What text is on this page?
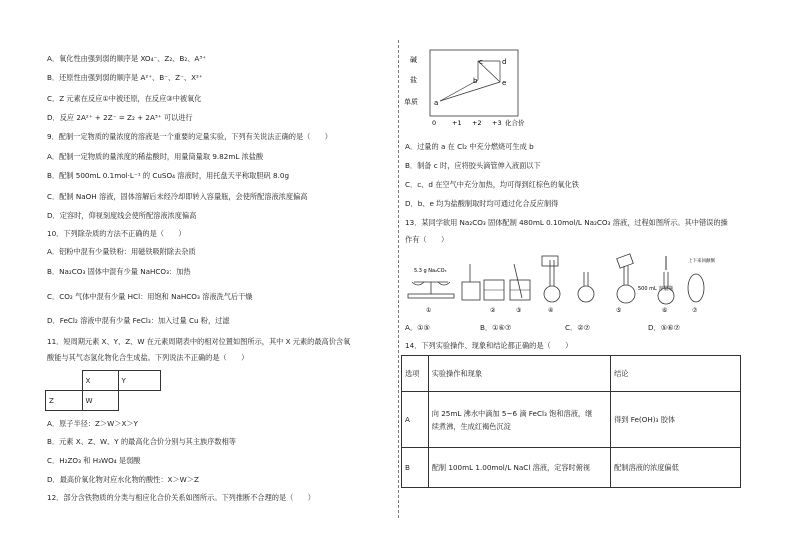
A．氧化性由强到弱的顺序是 XO₄⁻、Z₂、B₂、A³⁺
B．还原性由强到弱的顺序是 A²⁺、B⁻、Z⁻、X²⁺
C．Z 元素在反应①中被还原，在反应③中被氧化
D．反应 2A²⁺ + 2Z⁻ = Z₂ + 2A³⁺ 可以进行
9．配制一定物质的量浓度的溶液是一个重要的定量实验，下列有关说法正确的是（　　）
A．配制一定物质的量浓度的稀盐酸时，用量筒量取 9.82mL 浓盐酸
B．配制 500mL 0.1mol·L⁻¹ 的 CuSO₄ 溶液时，用托盘天平称取胆矾 8.0g
C．配制 NaOH 溶液，固体溶解后未经冷却即转入容量瓶，会使所配溶液浓度偏高
D．定容时，仰视刻度线会使所配溶液浓度偏高
10．下列除杂质的方法不正确的是（　　）
A．铝粉中混有少量铁粉：用磁铁吸附除去杂质
B．Na₂CO₃ 固体中混有少量 NaHCO₃：加热
C．CO₂ 气体中混有少量 HCl：用饱和 NaHCO₃ 溶液洗气后干燥
D．FeCl₂ 溶液中混有少量 FeCl₃：加入过量 Cu 粉，过滤
11．短周期元素 X、Y、Z、W 在元素周期表中的相对位置如图所示，其中 X 元素的最高价含氧
酸能与其气态氢化物化合生成盐。下列说法不正确的是（　　）
	X	Y
Z	W	
A．原子半径：Z＞W＞X＞Y
B．元素 X、Z、W、Y 的最高化合价分别与其主族序数相等
C．H₂ZO₃ 和 H₃WO₄ 是弱酸
D．最高价氧化物对应水化物的酸性：X＞W＞Z
12．部分含铁物质的分类与相应化合价关系如图所示。下列推断不合理的是（　　）
碱
盐
单质 a
b
c	d
e
0 +1 +2 +3 化合价
A．过量的 a 在 Cl₂ 中充分燃烧可生成 b
B．制备 c 时，应将胶头滴管伸入液面以下
C．c、d 在空气中充分加热，均可得到红棕色的氧化铁
D．b、e 均为盐酸制取时均可通过化合反应制得
13．某同学欲用 Na₂CO₃ 固体配制 480mL 0.10mol/L Na₂CO₃ 溶液，过程如图所示。其中错误的操
作有（　　）
5.3 g Na₂CO₃
500 mL 容量瓶
上下来回颠倒
①	②	③	④	⑤	⑥	⑦
A．①⑤	B．①⑥⑦	C．②⑦	D．⑤⑥⑦
14．下列实验操作、现象和结论都正确的是（　　）
选项	实验操作和现象	结论
A	向 25mL 沸水中滴加 5~6 滴 FeCl₃ 饱和溶液，继
续煮沸，生成红褐色沉淀	得到 Fe(OH)₃ 胶体
B	配制 100mL 1.00mol/L NaCl 溶液，定容时俯视	配制溶液的浓度偏低
